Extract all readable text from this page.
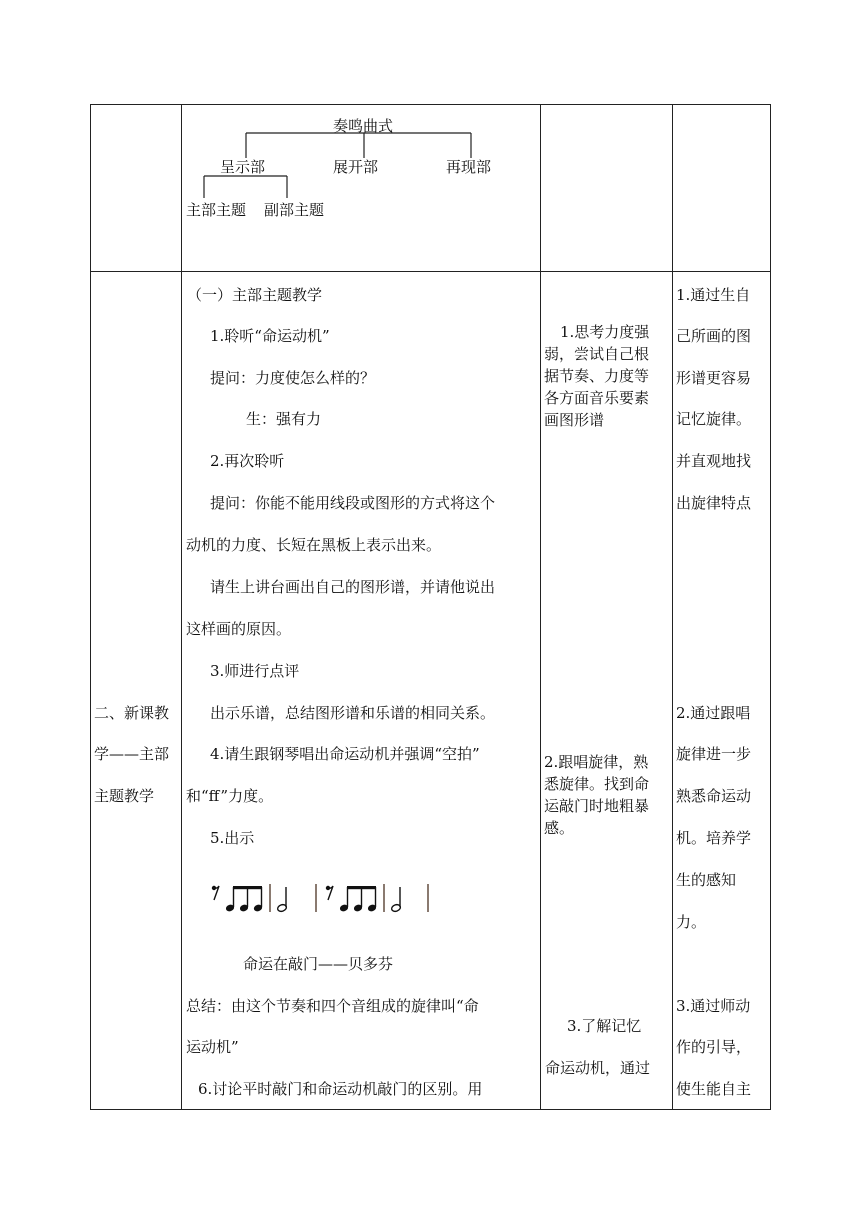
奏鸣曲式
呈示部	展开部	再现部
主部主题 副部主题
二、新课教
学——主部
主题教学
（一）主部主题教学
1.聆听“命运动机”
提问：力度使怎么样的？
生：强有力
2.再次聆听
提问：你能不能用线段或图形的方式将这个
动机的力度、长短在黑板上表示出来。
请生上讲台画出自己的图形谱，并请他说出
这样画的原因。
3.师进行点评
出示乐谱，总结图形谱和乐谱的相同关系。
4.请生跟钢琴唱出命运动机并强调“空拍”
和“ff”力度。
5.出示
命运在敲门——贝多芬
总结：由这个节奏和四个音组成的旋律叫“命
运动机”
6.讨论平时敲门和命运动机敲门的区别。用
1.思考力度强
弱，尝试自己根
据节奏、力度等
各方面音乐要素
画图形谱
2.跟唱旋律，熟
悉旋律。找到命
运敲门时地粗暴
感。
3.了解记忆
命运动机，通过
1.通过生自
己所画的图
形谱更容易
记忆旋律。
并直观地找
出旋律特点
2.通过跟唱
旋律进一步
熟悉命运动
机。培养学
生的感知
力。
3.通过师动
作的引导，
使生能自主
